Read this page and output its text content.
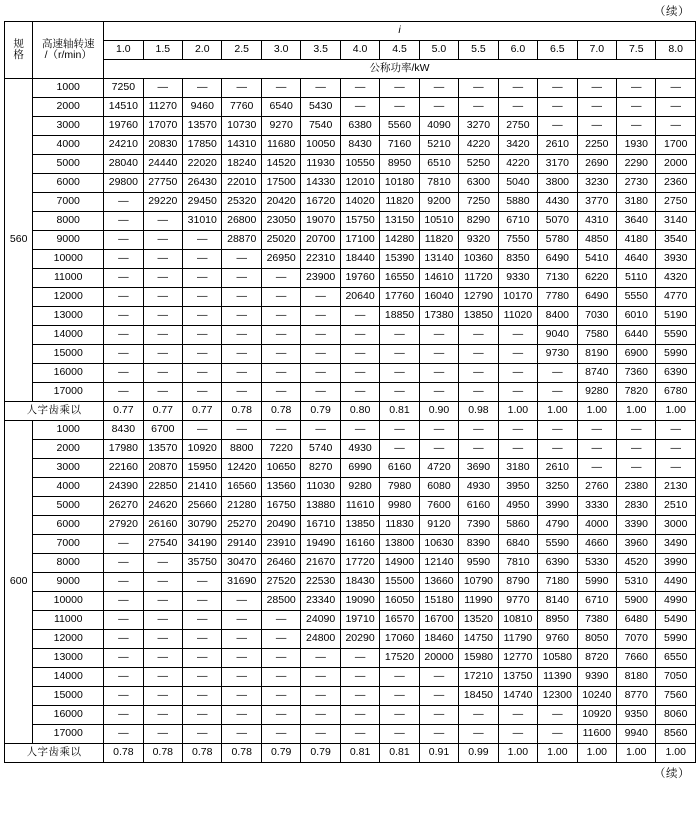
（续）
规
格

高速轴转速
/（r/min）
	i
		1.0	1.5	2.0	2.5	3.0	3.5	4.0	4.5	5.0	5.5	6.0	6.5	7.0	7.5	8.0
		公称功率/kW														
560	1000	7250	—	—	—	—	—	—	—	—	—	—	—	—	—	—
	2000	14510	11270	9460	7760	6540	5430	—	—	—	—	—	—	—	—	—
	3000	19760	17070	13570	10730	9270	7540	6380	5560	4090	3270	2750	—	—	—	—
	4000	24210	20830	17850	14310	11680	10050	8430	7160	5210	4220	3420	2610	2250	1930	1700
	5000	28040	24440	22020	18240	14520	11930	10550	8950	6510	5250	4220	3170	2690	2290	2000
	6000	29800	27750	26430	22010	17500	14330	12010	10180	7810	6300	5040	3800	3230	2730	2360
	7000	—	29220	29450	25320	20420	16720	14020	11820	9200	7250	5880	4430	3770	3180	2750
	8000	—	—	31010	26800	23050	19070	15750	13150	10510	8290	6710	5070	4310	3640	3140
	9000	—	—	—	28870	25020	20700	17100	14280	11820	9320	7550	5780	4850	4180	3540
	10000	—	—	—	—	26950	22310	18440	15390	13140	10360	8350	6490	5410	4640	3930
	11000	—	—	—	—	—	23900	19760	16550	14610	11720	9330	7130	6220	5110	4320
	12000	—	—	—	—	—	—	20640	17760	16040	12790	10170	7780	6490	5550	4770
	13000	—	—	—	—	—	—	—	18850	17380	13850	11020	8400	7030	6010	5190
	14000	—	—	—	—	—	—	—	—	—	—	—	9040	7580	6440	5590
	15000	—	—	—	—	—	—	—	—	—	—	—	9730	8190	6900	5990
	16000	—	—	—	—	—	—	—	—	—	—	—	—	8740	7360	6390
	17000	—	—	—	—	—	—	—	—	—	—	—	—	9280	7820	6780
人字齿乘以		0.77	0.77	0.77	0.78	0.78	0.79	0.80	0.81	0.90	0.98	1.00	1.00	1.00	1.00	1.00
600	1000	8430	6700	—	—	—	—	—	—	—	—	—	—	—	—	—
	2000	17980	13570	10920	8800	7220	5740	4930	—	—	—	—	—	—	—	—
	3000	22160	20870	15950	12420	10650	8270	6990	6160	4720	3690	3180	2610	—	—	—
	4000	24390	22850	21410	16560	13560	11030	9280	7980	6080	4930	3950	3250	2760	2380	2130
	5000	26270	24620	25660	21280	16750	13880	11610	9980	7600	6160	4950	3990	3330	2830	2510
	6000	27920	26160	30790	25270	20490	16710	13850	11830	9120	7390	5860	4790	4000	3390	3000
	7000	—	27540	34190	29140	23910	19490	16160	13800	10630	8390	6840	5590	4660	3960	3490
	8000	—	—	35750	30470	26460	21670	17720	14900	12140	9590	7810	6390	5330	4520	3990
	9000	—	—	—	31690	27520	22530	18430	15500	13660	10790	8790	7180	5990	5310	4490
	10000	—	—	—	—	28500	23340	19090	16050	15180	11990	9770	8140	6710	5900	4990
	11000	—	—	—	—	—	24090	19710	16570	16700	13520	10810	8950	7380	6480	5490
	12000	—	—	—	—	—	24800	20290	17060	18460	14750	11790	9760	8050	7070	5990
	13000	—	—	—	—	—	—	—	17520	20000	15980	12770	10580	8720	7660	6550
	14000	—	—	—	—	—	—	—	—	—	17210	13750	11390	9390	8180	7050
	15000	—	—	—	—	—	—	—	—	—	18450	14740	12300	10240	8770	7560
	16000	—	—	—	—	—	—	—	—	—	—	—	—	10920	9350	8060
	17000	—	—	—	—	—	—	—	—	—	—	—	—	11600	9940	8560
人字齿乘以		0.78	0.78	0.78	0.78	0.79	0.79	0.81	0.81	0.91	0.99	1.00	1.00	1.00	1.00	1.00
（续）
